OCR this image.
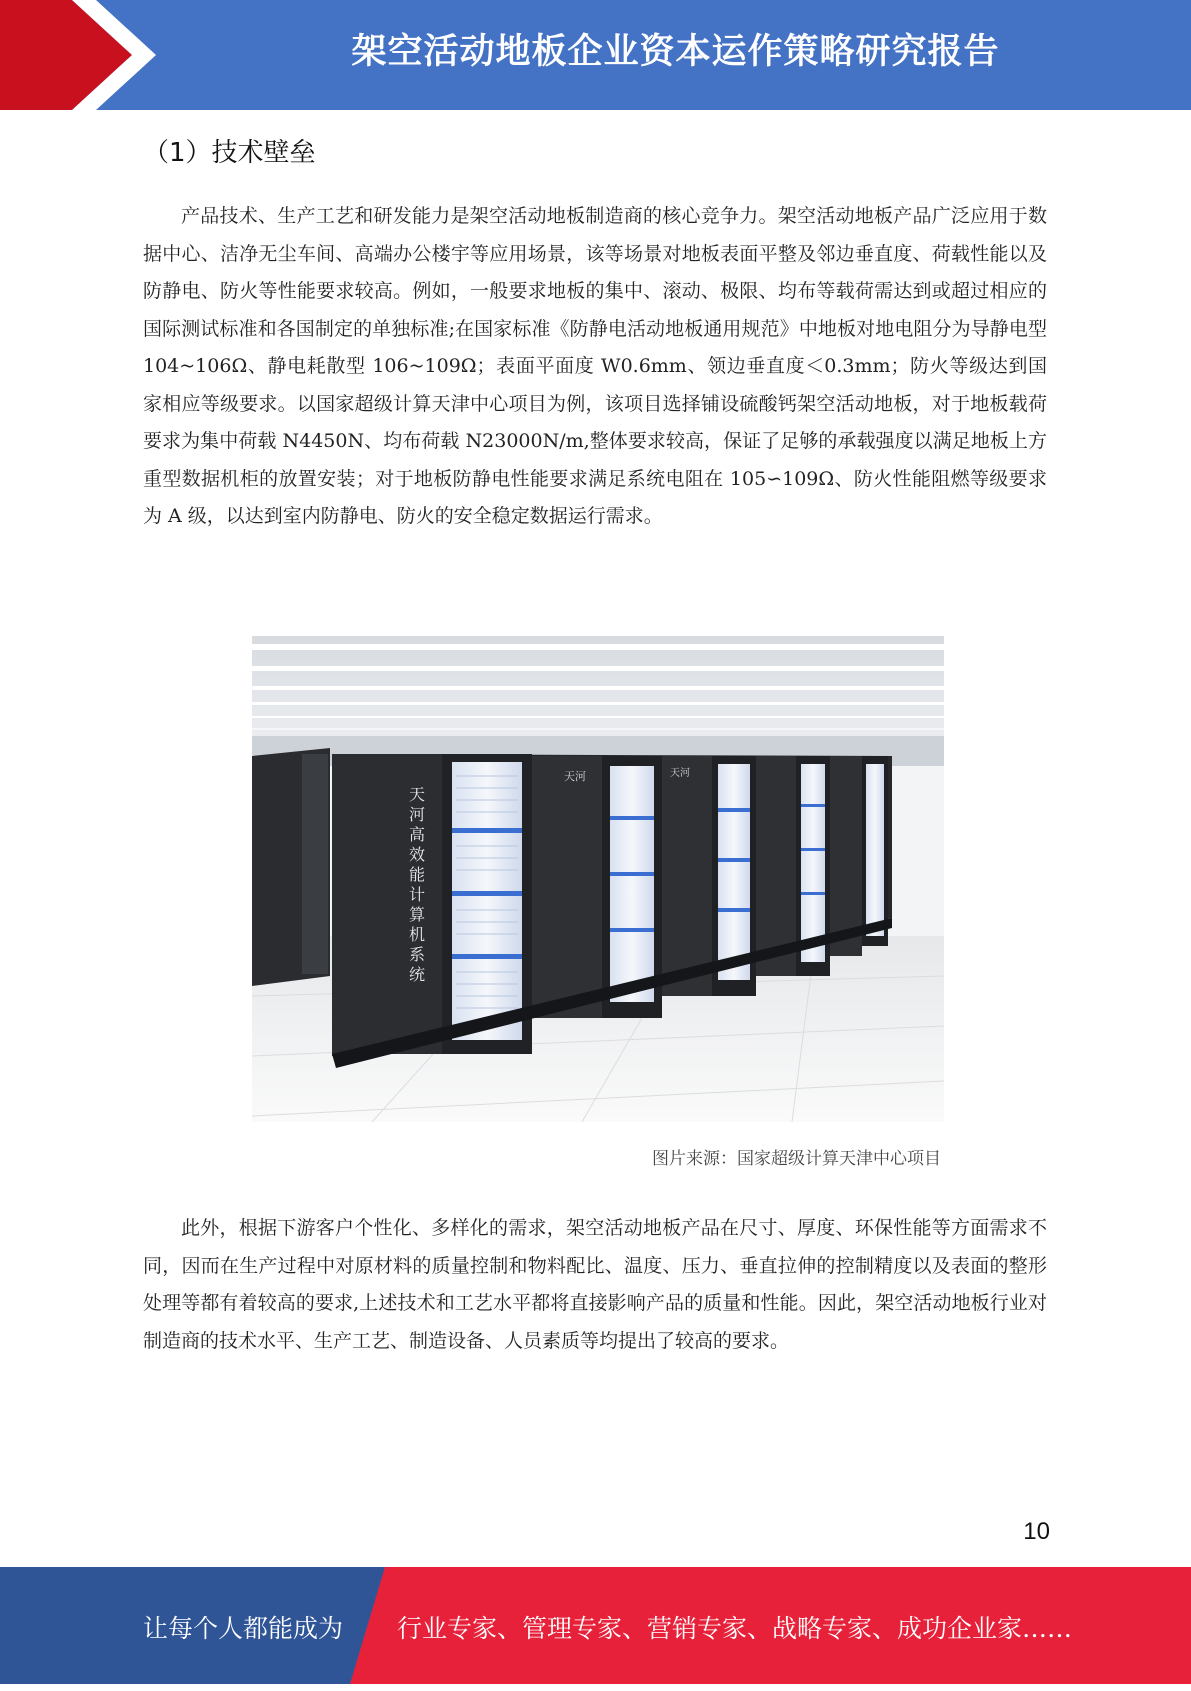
架空活动地板企业资本运作策略研究报告
（1）技术壁垒

产品技术、生产工艺和研发能力是架空活动地板制造商的核心竞争力。架空活动地板产品广泛应用于数据中心、洁净无尘车间、高端办公楼宇等应用场景，该等场景对地板表面平整及邻边垂直度、荷载性能以及防静电、防火等性能要求较高。例如，一般要求地板的集中、滚动、极限、均布等载荷需达到或超过相应的国际测试标准和各国制定的单独标准;在国家标准《防静电活动地板通用规范》中地板对地电阻分为导静电型 104~106Ω、静电耗散型 106~109Ω；表面平面度 W0.6mm、领边垂直度＜0.3mm；防火等级达到国家相应等级要求。以国家超级计算天津中心项目为例，该项目选择铺设硫酸钙架空活动地板，对于地板载荷要求为集中荷载 N4450N、均布荷载 N23000N/m,整体要求较高，保证了足够的承载强度以满足地板上方重型数据机柜的放置安装；对于地板防静电性能要求满足系统电阻在 105∽109Ω、防火性能阻燃等级要求为 A 级，以达到室内防静电、防火的安全稳定数据运行需求。

天河高效能计算机系统
天河	天河
图片来源：国家超级计算天津中心项目

此外，根据下游客户个性化、多样化的需求，架空活动地板产品在尺寸、厚度、环保性能等方面需求不同，因而在生产过程中对原材料的质量控制和物料配比、温度、压力、垂直拉伸的控制精度以及表面的整形处理等都有着较高的要求,上述技术和工艺水平都将直接影响产品的质量和性能。因此，架空活动地板行业对制造商的技术水平、生产工艺、制造设备、人员素质等均提出了较高的要求。

10
让每个人都能成为 行业专家、管理专家、营销专家、战略专家、成功企业家……
